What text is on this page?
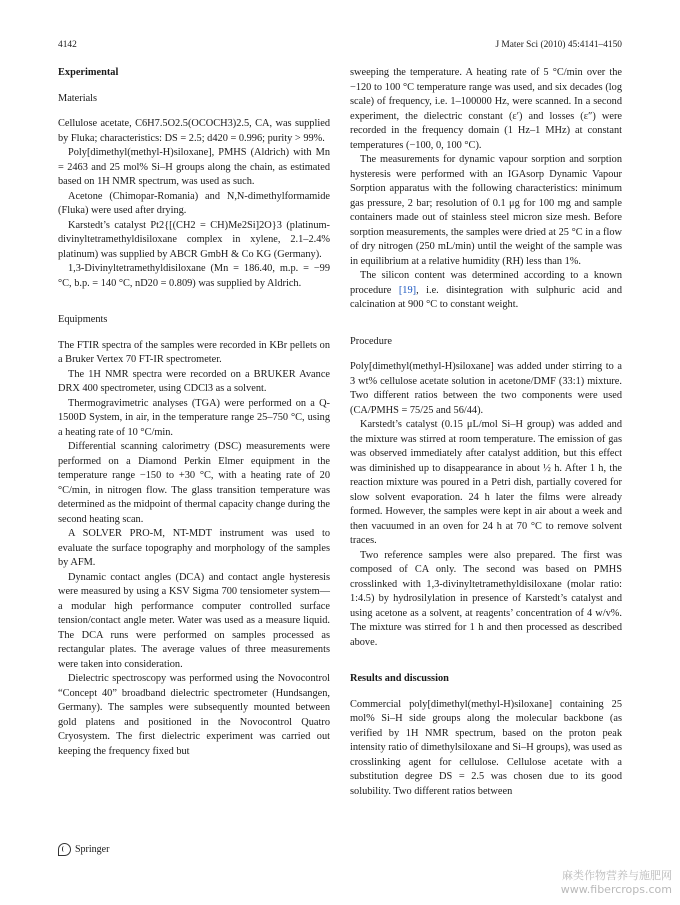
4142	J Mater Sci (2010) 45:4141–4150
Experimental
Materials

Cellulose acetate, C6H7.5O2.5(OCOCH3)2.5, CA, was supplied by Fluka; characteristics: DS = 2.5; d420 = 0.996; purity > 99%.

Poly[dimethyl(methyl-H)siloxane], PMHS (Aldrich) with Mn = 2463 and 25 mol% Si–H groups along the chain, as estimated based on 1H NMR spectrum, was used as such.

Acetone (Chimopar-Romania) and N,N-dimethylformamide (Fluka) were used after drying.

Karstedt’s catalyst Pt2{[(CH2 = CH)Me2Si]2O}3 (platinum-divinyltetramethyldisiloxane complex in xylene, 2.1–2.4% platinum) was supplied by ABCR GmbH & Co KG (Germany).

1,3-Divinyltetramethyldisiloxane (Mn = 186.40, m.p. = −99 °C, b.p. = 140 °C, nD20 = 0.809) was supplied by Aldrich.

Equipments

The FTIR spectra of the samples were recorded in KBr pellets on a Bruker Vertex 70 FT-IR spectrometer.

The 1H NMR spectra were recorded on a BRUKER Avance DRX 400 spectrometer, using CDCl3 as a solvent.

Thermogravimetric analyses (TGA) were performed on a Q-1500D System, in air, in the temperature range 25–750 °C, using a heating rate of 10 °C/min.

Differential scanning calorimetry (DSC) measurements were performed on a Diamond Perkin Elmer equipment in the temperature range −150 to +30 °C, with a heating rate of 20 °C/min, in nitrogen flow. The glass transition temperature was determined as the midpoint of thermal capacity change during the second heating scan.

A SOLVER PRO-M, NT-MDT instrument was used to evaluate the surface topography and morphology of the samples by AFM.

Dynamic contact angles (DCA) and contact angle hysteresis were measured by using a KSV Sigma 700 tensiometer system—a modular high performance computer controlled surface tension/contact angle meter. Water was used as a measure liquid. The DCA runs were performed on samples processed as rectangular plates. The average values of three measurements were taken into consideration.

Dielectric spectroscopy was performed using the Novocontrol “Concept 40” broadband dielectric spectrometer (Hundsangen, Germany). The samples were subsequently mounted between gold platens and positioned in the Novocontrol Quatro Cryosystem. The first dielectric experiment was carried out keeping the frequency fixed but

sweeping the temperature. A heating rate of 5 °C/min over the −120 to 100 °C temperature range was used, and six decades (log scale) of frequency, i.e. 1–100000 Hz, were scanned. In a second experiment, the dielectric constant (ε′) and losses (ε″) were recorded in the frequency domain (1 Hz–1 MHz) at constant temperatures (−100, 0, 100 °C).

The measurements for dynamic vapour sorption and sorption hysteresis were performed with an IGAsorp Dynamic Vapour Sorption apparatus with the following characteristics: minimum gas pressure, 2 bar; resolution of 0.1 μg for 100 mg and sample containers made out of stainless steel micron size mesh. Before sorption measurements, the samples were dried at 25 °C in a flow of dry nitrogen (250 mL/min) until the weight of the sample was in equilibrium at a relative humidity (RH) less than 1%.

The silicon content was determined according to a known procedure [19], i.e. disintegration with sulphuric acid and calcination at 900 °C to constant weight.

Procedure

Poly[dimethyl(methyl-H)siloxane] was added under stirring to a 3 wt% cellulose acetate solution in acetone/DMF (33:1) mixture. Two different ratios between the two components were used (CA/PMHS = 75/25 and 56/44).

Karstedt’s catalyst (0.15 μL/mol Si–H group) was added and the mixture was stirred at room temperature. The emission of gas was observed immediately after catalyst addition, but this effect was diminished up to disappearance in about ½ h. After 1 h, the reaction mixture was poured in a Petri dish, partially covered for slow solvent evaporation. 24 h later the films were already formed. However, the samples were kept in air about a week and then vacuumed in an oven for 24 h at 70 °C to remove solvent traces.

Two reference samples were also prepared. The first was composed of CA only. The second was based on PMHS crosslinked with 1,3-divinyltetramethyldisiloxane (molar ratio: 1:4.5) by hydrosilylation in presence of Karstedt’s catalyst and using acetone as a solvent, at reagents’ concentration of 4 w/v%. The mixture was stirred for 1 h and then processed as described above.

Results and discussion

Commercial poly[dimethyl(methyl-H)siloxane] containing 25 mol% Si–H side groups along the molecular backbone (as verified by 1H NMR spectrum, based on the proton peak intensity ratio of dimethylsiloxane and Si–H groups), was used as crosslinking agent for cellulose. Cellulose acetate with a substitution degree DS = 2.5 was chosen due to its good solubility. Two different ratios between

Springer
麻类作物营养与施肥网
www.fibercrops.com
